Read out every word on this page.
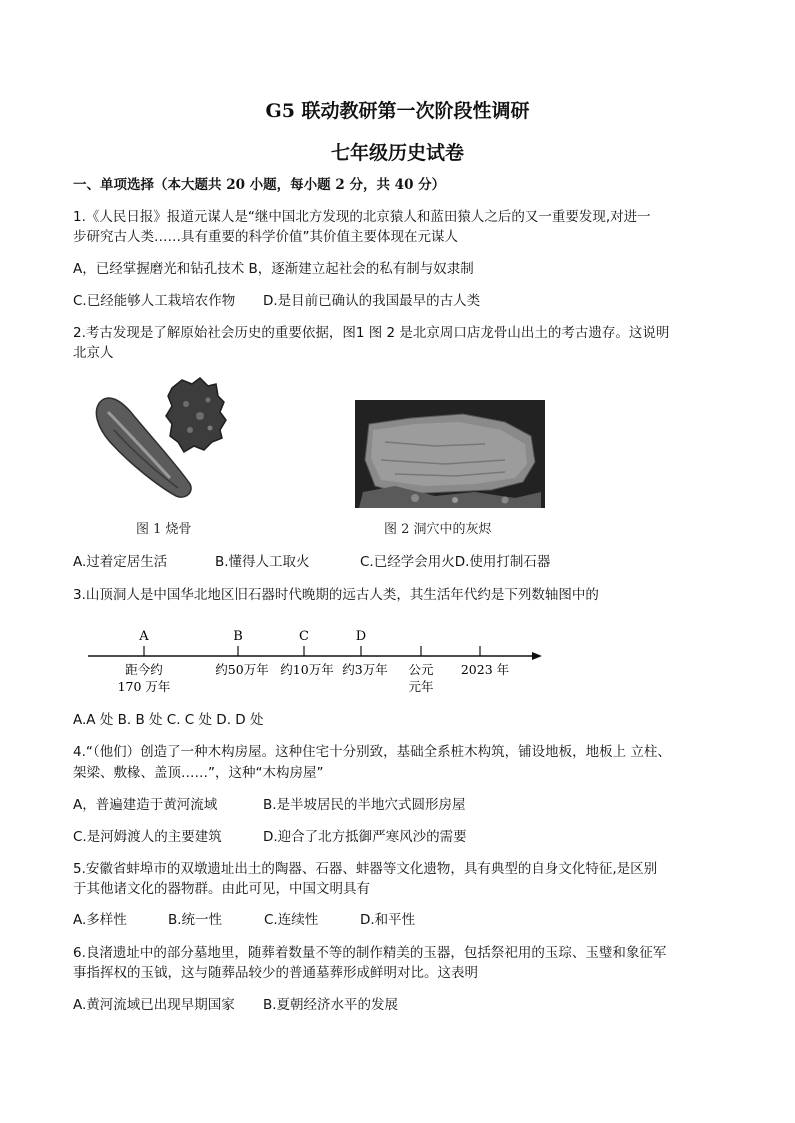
G5 联动教研第一次阶段性调研
七年级历史试卷
一、单项选择（本大题共 20 小题，每小题 2 分，共 40 分）
1.《人民日报》报道元谋人是“继中国北方发现的北京猿人和蓝田猿人之后的又一重要发现,对进一
步研究古人类……具有重要的科学价值”其价值主要体现在元谋人
A，已经掌握磨光和钻孔技术 B，逐渐建立起社会的私有制与奴隶制
C.已经能够人工栽培农作物 D.是目前已确认的我国最早的古人类
2.考古发现是了解原始社会历史的重要依据，图1 图 2 是北京周口店龙骨山出土的考古遗存。这说明
北京人
图 1 烧骨	图 2 洞穴中的灰烬
A.过着定居生活	B.懂得人工取火	C.已经学会用火D.使用打制石器
3.山顶洞人是中国华北地区旧石器时代晚期的远古人类，其生活年代约是下列数轴图中的
A	B	C	D
距今约
170 万年
约50万年 约10万年 约3万年 公元
元年
2023 年
A.A 处 B. B 处 C. C 处 D. D 处
4.“（他们）创造了一种木构房屋。这种住宅十分别致，基础全系桩木构筑，铺设地板，地板上 立柱、
架梁、敷椽、盖顶……”，这种“木构房屋”
A，普遍建造于黄河流域	B.是半坡居民的半地穴式圆形房屋
C.是河姆渡人的主要建筑	D.迎合了北方抵御严寒风沙的需要
5.安徽省蚌埠市的双墩遗址出土的陶器、石器、蚌器等文化遗物，具有典型的自身文化特征,是区别
于其他诸文化的器物群。由此可见，中国文明具有
A.多样性	B.统一性	C.连续性	D.和平性
6.良渚遗址中的部分墓地里，随葬着数量不等的制作精美的玉器，包括祭祀用的玉琮、玉璧和象征军
事指挥权的玉钺，这与随葬品较少的普通墓葬形成鲜明对比。这表明
A.黄河流域已出现早期国家 B.夏朝经济水平的发展
